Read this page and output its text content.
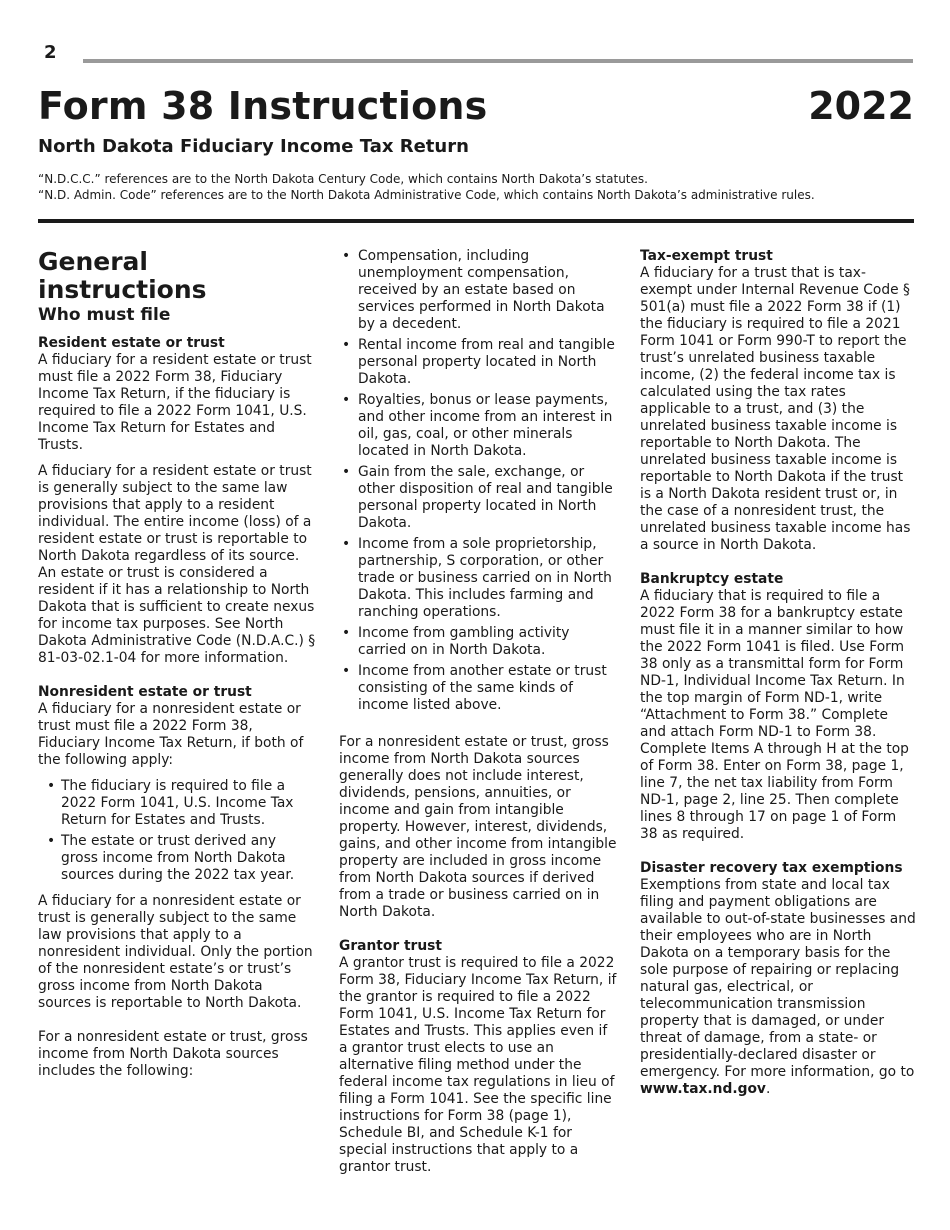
2
Form 38 Instructions	2022
North Dakota Fiduciary Income Tax Return
“N.D.C.C.” references are to the North Dakota Century Code, which contains North Dakota’s statutes.
“N.D. Admin. Code” references are to the North Dakota Administrative Code, which contains North Dakota’s administrative rules.

General instructions

Who must file

Resident estate or trust

A fiduciary for a resident estate or trust must file a 2022 Form 38, Fiduciary Income Tax Return, if the fiduciary is required to file a 2022 Form 1041, U.S. Income Tax Return for Estates and Trusts.

A fiduciary for a resident estate or trust is generally subject to the same law provisions that apply to a resident individual. The entire income (loss) of a resident estate or trust is reportable to North Dakota regardless of its source. An estate or trust is considered a resident if it has a relationship to North Dakota that is sufficient to create nexus for income tax purposes. See North Dakota Administrative Code (N.D.A.C.) § 81-03-02.1-04 for more information.

Nonresident estate or trust

A fiduciary for a nonresident estate or trust must file a 2022 Form 38, Fiduciary Income Tax Return, if both of the following apply:

• The fiduciary is required to file a 2022 Form 1041, U.S. Income Tax Return for Estates and Trusts.
• The estate or trust derived any gross income from North Dakota sources during the 2022 tax year.

A fiduciary for a nonresident estate or trust is generally subject to the same law provisions that apply to a nonresident individual. Only the portion of the nonresident estate’s or trust’s gross income from North Dakota sources is reportable to North Dakota.

For a nonresident estate or trust, gross income from North Dakota sources includes the following:

• Compensation, including unemployment compensation, received by an estate based on services performed in North Dakota by a decedent.
• Rental income from real and tangible personal property located in North Dakota.
• Royalties, bonus or lease payments, and other income from an interest in oil, gas, coal, or other minerals located in North Dakota.
• Gain from the sale, exchange, or other disposition of real and tangible personal property located in North Dakota.
• Income from a sole proprietorship, partnership, S corporation, or other trade or business carried on in North Dakota. This includes farming and ranching operations.
• Income from gambling activity carried on in North Dakota.
• Income from another estate or trust consisting of the same kinds of income listed above.

For a nonresident estate or trust, gross income from North Dakota sources generally does not include interest, dividends, pensions, annuities, or income and gain from intangible property. However, interest, dividends, gains, and other income from intangible property are included in gross income from North Dakota sources if derived from a trade or business carried on in North Dakota.

Grantor trust

A grantor trust is required to file a 2022 Form 38, Fiduciary Income Tax Return, if the grantor is required to file a 2022 Form 1041, U.S. Income Tax Return for Estates and Trusts. This applies even if a grantor trust elects to use an alternative filing method under the federal income tax regulations in lieu of filing a Form 1041. See the specific line instructions for Form 38 (page 1), Schedule BI, and Schedule K-1 for special instructions that apply to a grantor trust.

Tax-exempt trust

A fiduciary for a trust that is tax-exempt under Internal Revenue Code § 501(a) must file a 2022 Form 38 if (1) the fiduciary is required to file a 2021 Form 1041 or Form 990-T to report the trust’s unrelated business taxable income, (2) the federal income tax is calculated using the tax rates applicable to a trust, and (3) the unrelated business taxable income is reportable to North Dakota. The unrelated business taxable income is reportable to North Dakota if the trust is a North Dakota resident trust or, in the case of a nonresident trust, the unrelated business taxable income has a source in North Dakota.

Bankruptcy estate

A fiduciary that is required to file a 2022 Form 38 for a bankruptcy estate must file it in a manner similar to how the 2022 Form 1041 is filed. Use Form 38 only as a transmittal form for Form ND-1, Individual Income Tax Return. In the top margin of Form ND-1, write “Attachment to Form 38.” Complete and attach Form ND-1 to Form 38. Complete Items A through H at the top of Form 38. Enter on Form 38, page 1, line 7, the net tax liability from Form ND-1, page 2, line 25. Then complete lines 8 through 17 on page 1 of Form 38 as required.

Disaster recovery tax exemptions

Exemptions from state and local tax filing and payment obligations are available to out-of-state businesses and their employees who are in North Dakota on a temporary basis for the sole purpose of repairing or replacing natural gas, electrical, or telecommunication transmission property that is damaged, or under threat of damage, from a state- or presidentially-declared disaster or emergency. For more information, go to www.tax.nd.gov.
